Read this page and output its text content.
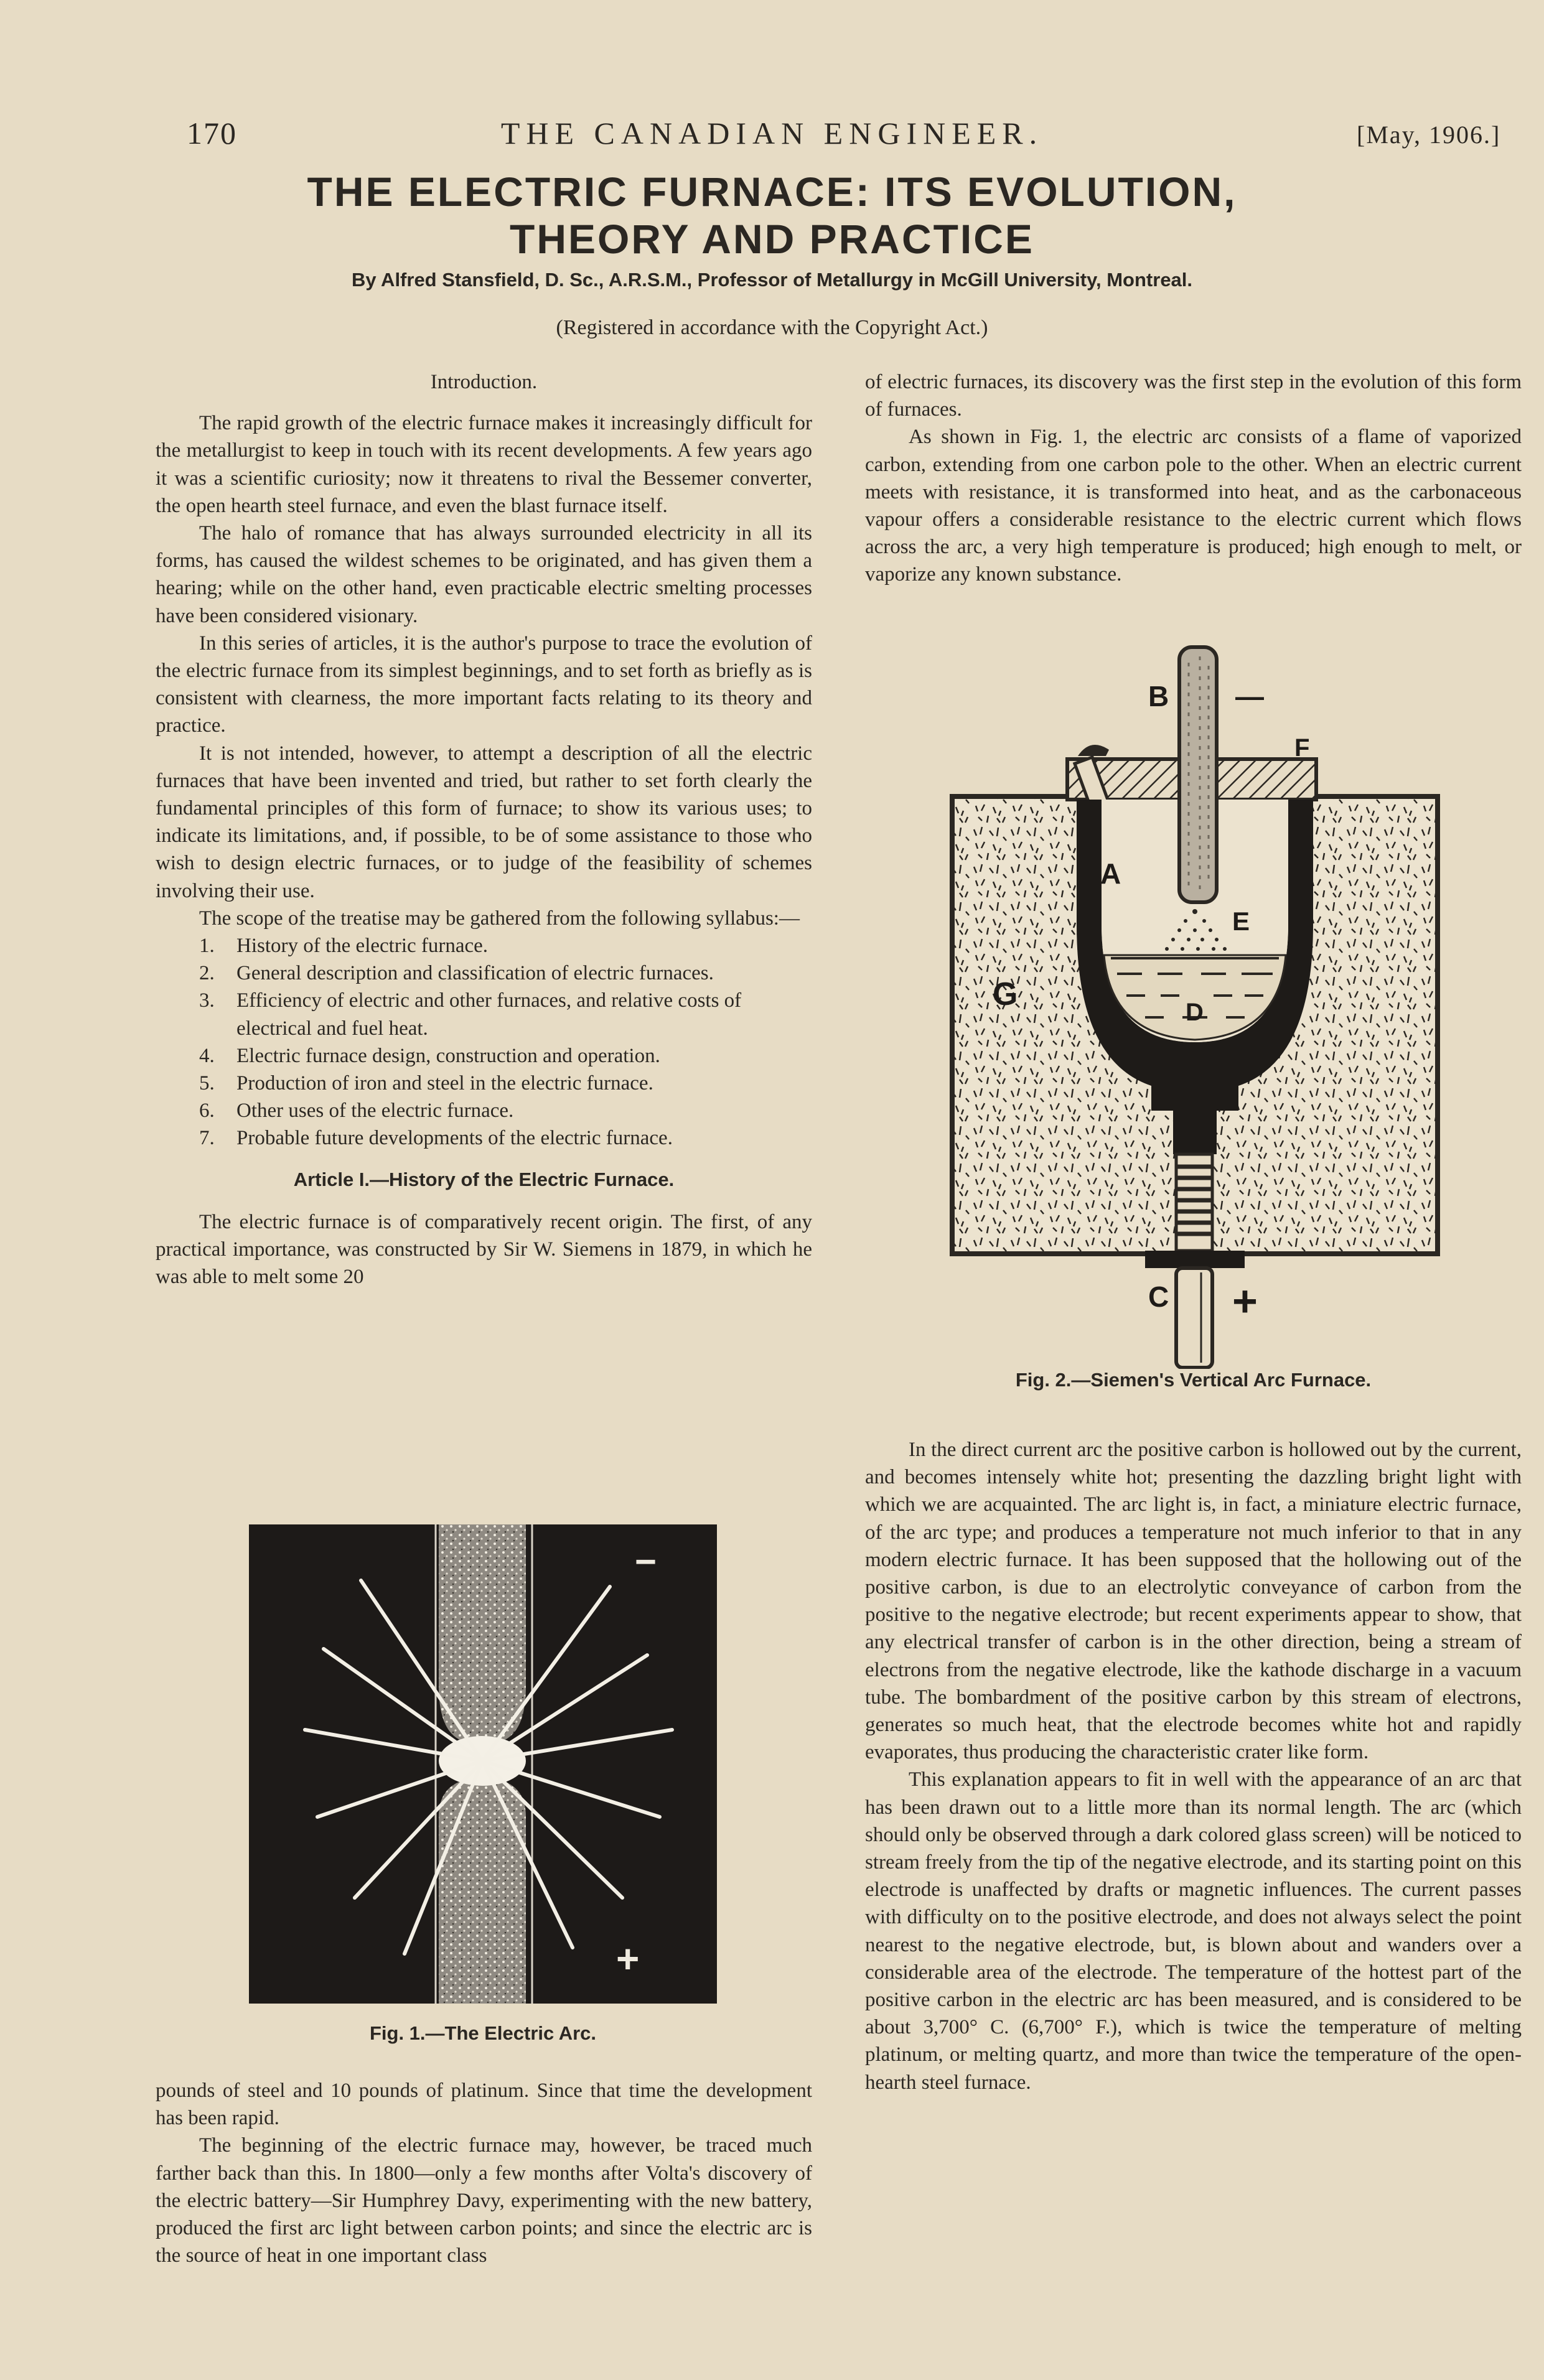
170	THE CANADIAN ENGINEER.	[May, 1906.]
THE ELECTRIC FURNACE: ITS EVOLUTION,
THEORY AND PRACTICE
By Alfred Stansfield, D. Sc., A.R.S.M., Professor of Metallurgy in McGill University, Montreal.
(Registered in accordance with the Copyright Act.)

Introduction.

The rapid growth of the electric furnace makes it increasingly difficult for the metallurgist to keep in touch with its recent developments. A few years ago it was a scientific curiosity; now it threatens to rival the Bessemer converter, the open hearth steel furnace, and even the blast furnace itself.

The halo of romance that has always surrounded electricity in all its forms, has caused the wildest schemes to be originated, and has given them a hearing; while on the other hand, even practicable electric smelting processes have been considered visionary.

In this series of articles, it is the author's purpose to trace the evolution of the electric furnace from its simplest beginnings, and to set forth as briefly as is consistent with clearness, the more important facts relating to its theory and practice.

It is not intended, however, to attempt a description of all the electric furnaces that have been invented and tried, but rather to set forth clearly the fundamental principles of this form of furnace; to show its various uses; to indicate its limitations, and, if possible, to be of some assistance to those who wish to design electric furnaces, or to judge of the feasibility of schemes involving their use.

The scope of the treatise may be gathered from the following syllabus:—

1. History of the electric furnace.
2. General description and classification of electric furnaces.
3. Efficiency of electric and other furnaces, and relative costs of electrical and fuel heat.
4. Electric furnace design, construction and operation.
5. Production of iron and steel in the electric furnace.
6. Other uses of the electric furnace.
7. Probable future developments of the electric furnace.

Article I.—History of the Electric Furnace.

The electric furnace is of comparatively recent origin. The first, of any practical importance, was constructed by Sir W. Siemens in 1879, in which he was able to melt some 20

−
+
Fig. 1.—The Electric Arc.

pounds of steel and 10 pounds of platinum. Since that time the development has been rapid.

The beginning of the electric furnace may, however, be traced much farther back than this. In 1800—only a few months after Volta's discovery of the electric battery—Sir Humphrey Davy, experimenting with the new battery, produced the first arc light between carbon points; and since the electric arc is the source of heat in one important class

of electric furnaces, its discovery was the first step in the evolution of this form of furnaces.

As shown in Fig. 1, the electric arc consists of a flame of vaporized carbon, extending from one carbon pole to the other. When an electric current meets with resistance, it is transformed into heat, and as the carbonaceous vapour offers a considerable resistance to the electric current which flows across the arc, a very high temperature is produced; high enough to melt, or vaporize any known substance.

B —
F
A
E
G	D
C +
Fig. 2.—Siemen's Vertical Arc Furnace.

In the direct current arc the positive carbon is hollowed out by the current, and becomes intensely white hot; presenting the dazzling bright light with which we are acquainted. The arc light is, in fact, a miniature electric furnace, of the arc type; and produces a temperature not much inferior to that in any modern electric furnace. It has been supposed that the hollowing out of the positive carbon, is due to an electrolytic conveyance of carbon from the positive to the negative electrode; but recent experiments appear to show, that any electrical transfer of carbon is in the other direction, being a stream of electrons from the negative electrode, like the kathode discharge in a vacuum tube. The bombardment of the positive carbon by this stream of electrons, generates so much heat, that the electrode becomes white hot and rapidly evaporates, thus producing the characteristic crater like form.

This explanation appears to fit in well with the appearance of an arc that has been drawn out to a little more than its normal length. The arc (which should only be observed through a dark colored glass screen) will be noticed to stream freely from the tip of the negative electrode, and its starting point on this electrode is unaffected by drafts or magnetic influences. The current passes with difficulty on to the positive electrode, and does not always select the point nearest to the negative electrode, but, is blown about and wanders over a considerable area of the electrode. The temperature of the hottest part of the positive carbon in the electric arc has been measured, and is considered to be about 3,700° C. (6,700° F.), which is twice the temperature of melting platinum, or melting quartz, and more than twice the temperature of the open-hearth steel furnace.
